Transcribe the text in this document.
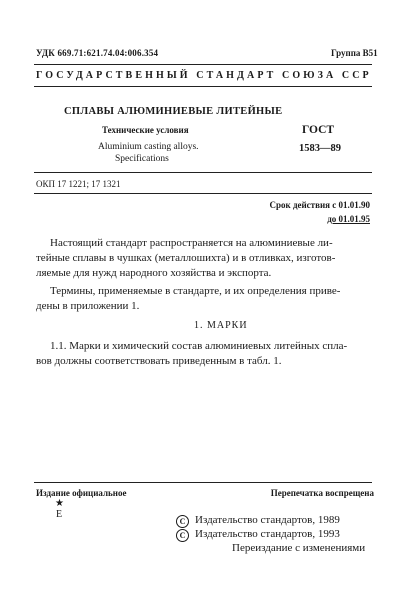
УДК 669.71:621.74.04:006.354	Группа В51
ГОСУДАРСТВЕННЫЙ СТАНДАРТ СОЮЗА ССР
СПЛАВЫ АЛЮМИНИЕВЫЕ ЛИТЕЙНЫЕ
Технические условия
Aluminium casting alloys.
Specifications
ГОСТ
1583—89
ОКП 17 1221; 17 1321
Срок действия с 01.01.90
до 01.01.95
Настоящий стандарт распространяется на алюминиевые ли-
тейные сплавы в чушках (металлошихта) и в отливках, изготов-
ляемые для нужд народного хозяйства и экспорта.
Термины, применяемые в стандарте, и их определения приве-
дены в приложении 1.
1. МАРКИ
1.1. Марки и химический состав алюминиевых литейных спла-
вов должны соответствовать приведенным в табл. 1.
Издание официальное	Перепечатка воспрещена
★
Е
C Издательство стандартов, 1989
C Издательство стандартов, 1993
Переиздание с изменениями
